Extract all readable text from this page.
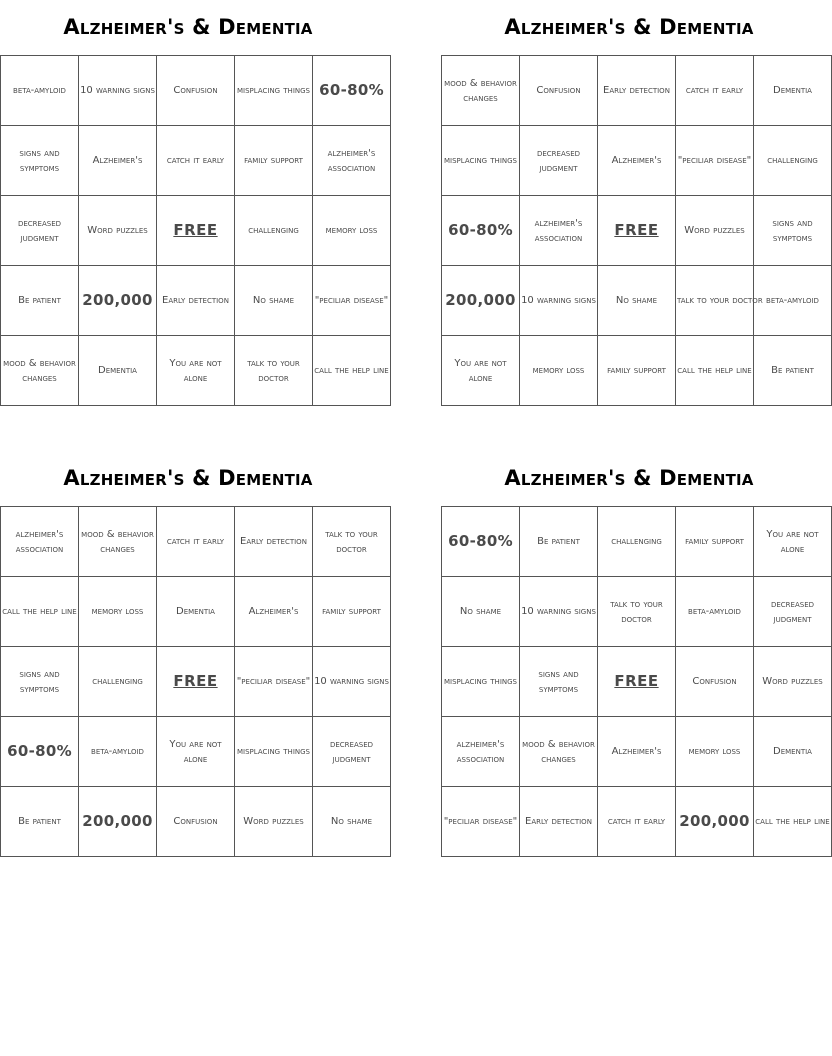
Alzheimer's & Dementia
beta-amyloid	10 warning signs	Confusion	misplacing things	60-80%
signs and symptoms	Alzheimer's	catch it early	family support	alzheimer's association
decreased judgment	Word puzzles	FREE	challenging	memory loss
Be patient	200,000	Early detection	No shame	"peciliar disease"
mood & behavior changes	Dementia	You are not alone	talk to your doctor	call the help line
Alzheimer's & Dementia
mood & behavior changes	Confusion	Early detection	catch it early	Dementia
misplacing things	decreased judgment	Alzheimer's	"peciliar disease"	challenging
60-80%	alzheimer's association	FREE	Word puzzles	signs and symptoms
200,000	10 warning signs	No shame	talk to your doctor	beta-amyloid
You are not alone	memory loss	family support	call the help line	Be patient
Alzheimer's & Dementia
alzheimer's association	mood & behavior changes	catch it early	Early detection	talk to your doctor
call the help line	memory loss	Dementia	Alzheimer's	family support
signs and symptoms	challenging	FREE	"peciliar disease"	10 warning signs
60-80%	beta-amyloid	You are not alone	misplacing things	decreased judgment
Be patient	200,000	Confusion	Word puzzles	No shame
Alzheimer's & Dementia
60-80%	Be patient	challenging	family support	You are not alone
No shame	10 warning signs	talk to your doctor	beta-amyloid	decreased judgment
misplacing things	signs and symptoms	FREE	Confusion	Word puzzles
alzheimer's association	mood & behavior changes	Alzheimer's	memory loss	Dementia
"peciliar disease"	Early detection	catch it early	200,000	call the help line
